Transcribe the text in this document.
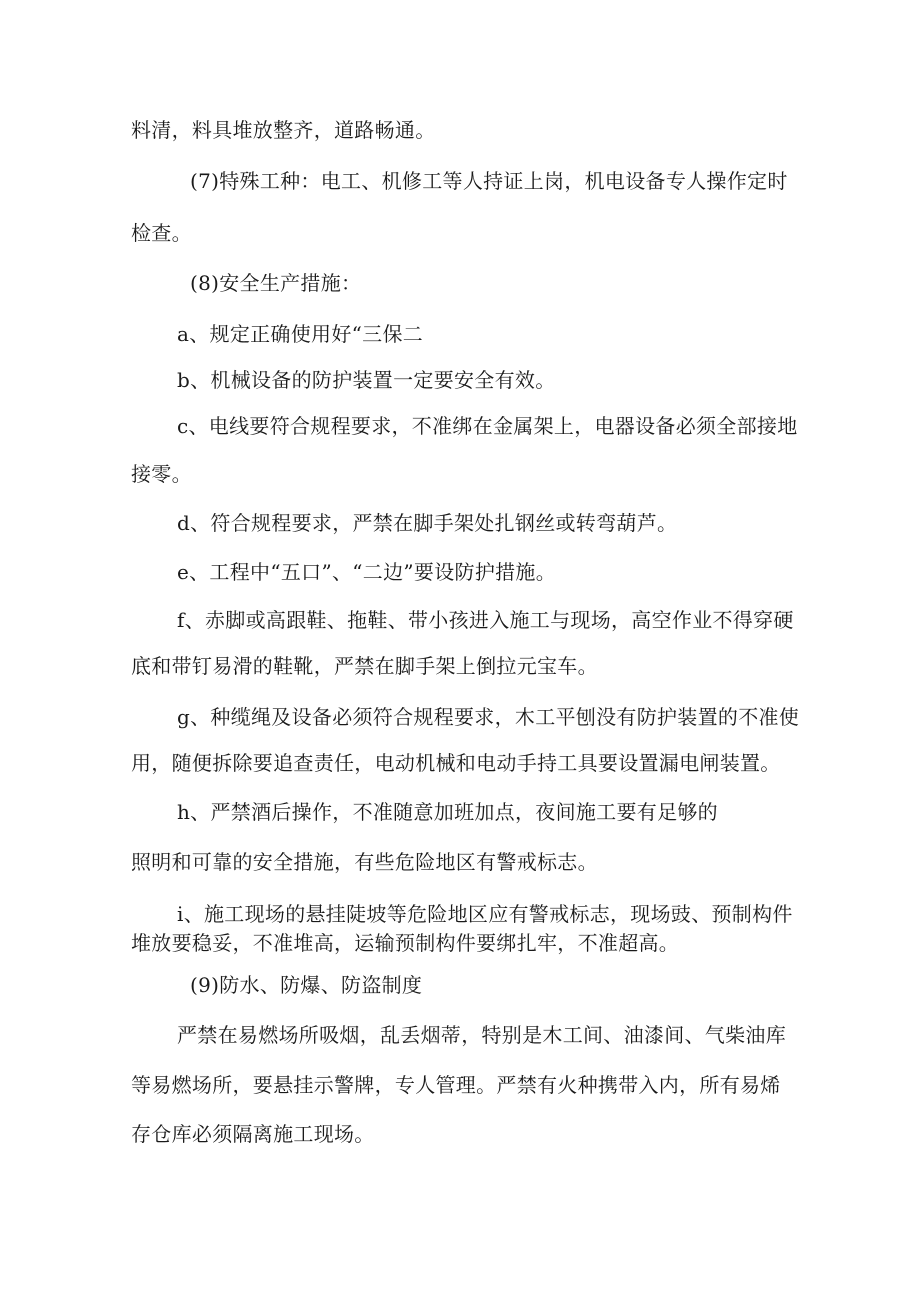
料清，料具堆放整齐，道路畅通。
(7)特殊工种：电工、机修工等人持证上岗，机电设备专人操作定时
检查。
(8)安全生产措施：
a、规定正确使用好“三保二
b、机械设备的防护装置一定要安全有效。
c、电线要符合规程要求，不准绑在金属架上，电器设备必须全部接地
接零。
d、符合规程要求，严禁在脚手架处扎钢丝或转弯葫芦。
e、工程中“五口”、“二边”要设防护措施。
f、赤脚或高跟鞋、拖鞋、带小孩进入施工与现场，高空作业不得穿硬
底和带钉易滑的鞋靴，严禁在脚手架上倒拉元宝车。
g、种缆绳及设备必须符合规程要求，木工平刨没有防护装置的不准使
用，随便拆除要追查责任，电动机械和电动手持工具要设置漏电闸装置。
h、严禁酒后操作，不准随意加班加点，夜间施工要有足够的
照明和可靠的安全措施，有些危险地区有警戒标志。
i、施工现场的悬挂陡坡等危险地区应有警戒标志，现场豉、预制构件
堆放要稳妥，不准堆高，运输预制构件要绑扎牢，不准超高。
(9)防水、防爆、防盗制度
严禁在易燃场所吸烟，乱丢烟蒂，特别是木工间、油漆间、气柴油库
等易燃场所，要悬挂示警牌，专人管理。严禁有火种携带入内，所有易烯
存仓库必须隔离施工现场。
